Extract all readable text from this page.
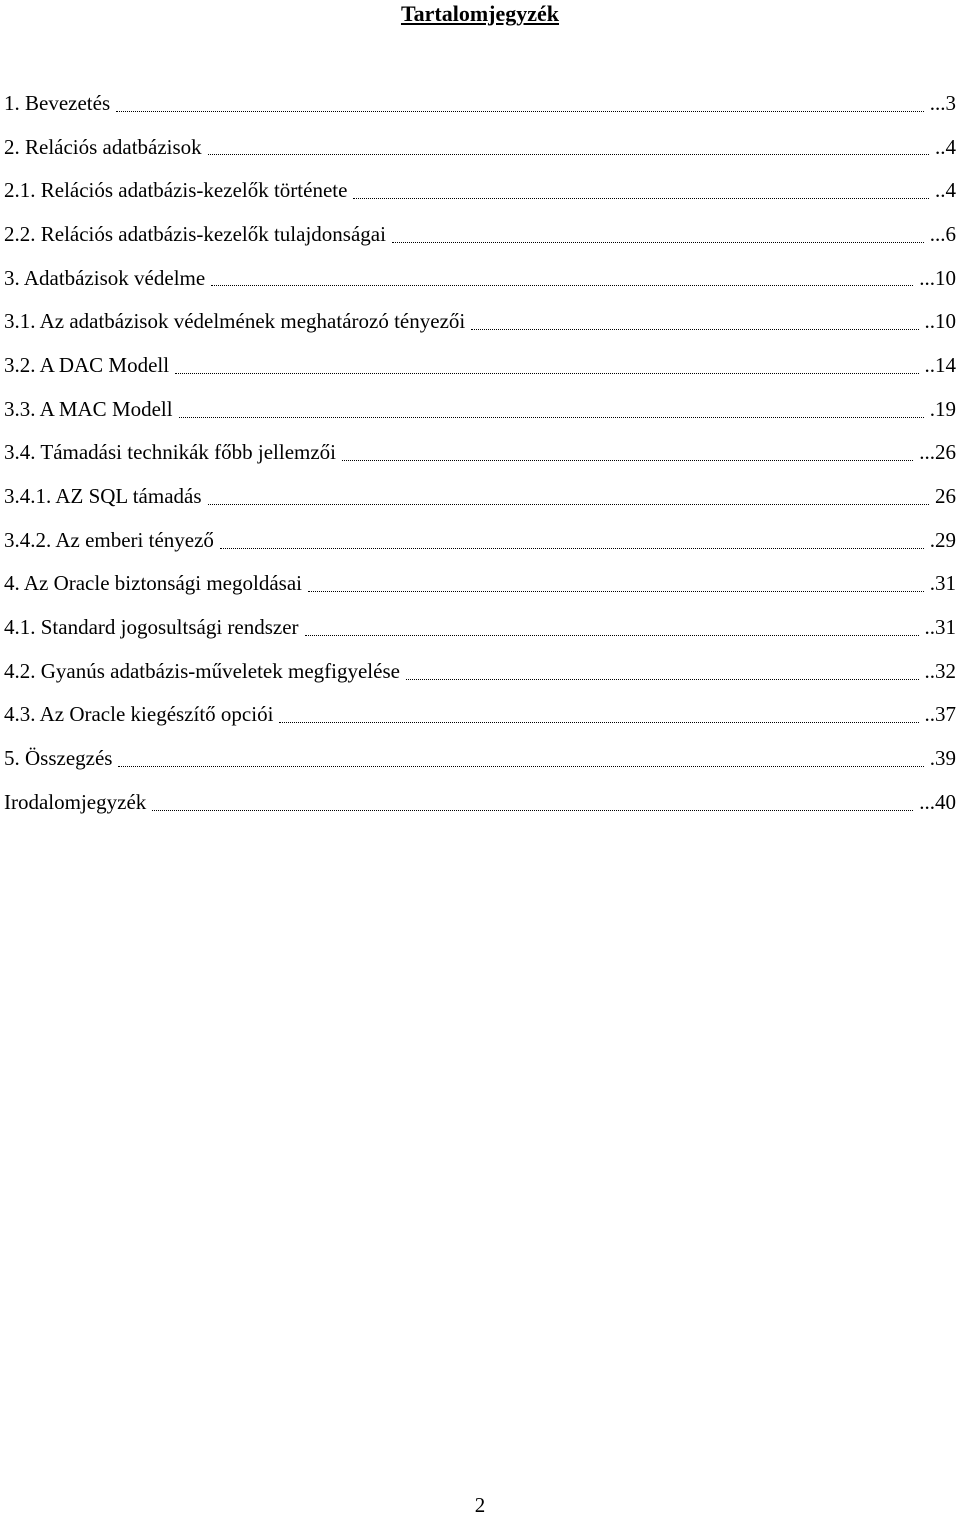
Tartalomjegyzék
1. Bevezetés	...3
2. Relációs adatbázisok	..4
2.1. Relációs adatbázis-kezelők története	..4
2.2. Relációs adatbázis-kezelők tulajdonságai	...6
3. Adatbázisok védelme	...10
3.1. Az adatbázisok védelmének meghatározó tényezői	..10
3.2. A DAC Modell	..14
3.3. A MAC Modell	.19
3.4. Támadási technikák főbb jellemzői	...26
3.4.1. AZ SQL támadás	26
3.4.2. Az emberi tényező	.29
4. Az Oracle biztonsági megoldásai	.31
4.1. Standard jogosultsági rendszer	..31
4.2. Gyanús adatbázis-műveletek megfigyelése	..32
4.3. Az Oracle kiegészítő opciói	..37
5. Összegzés	.39
Irodalomjegyzék	...40
2
